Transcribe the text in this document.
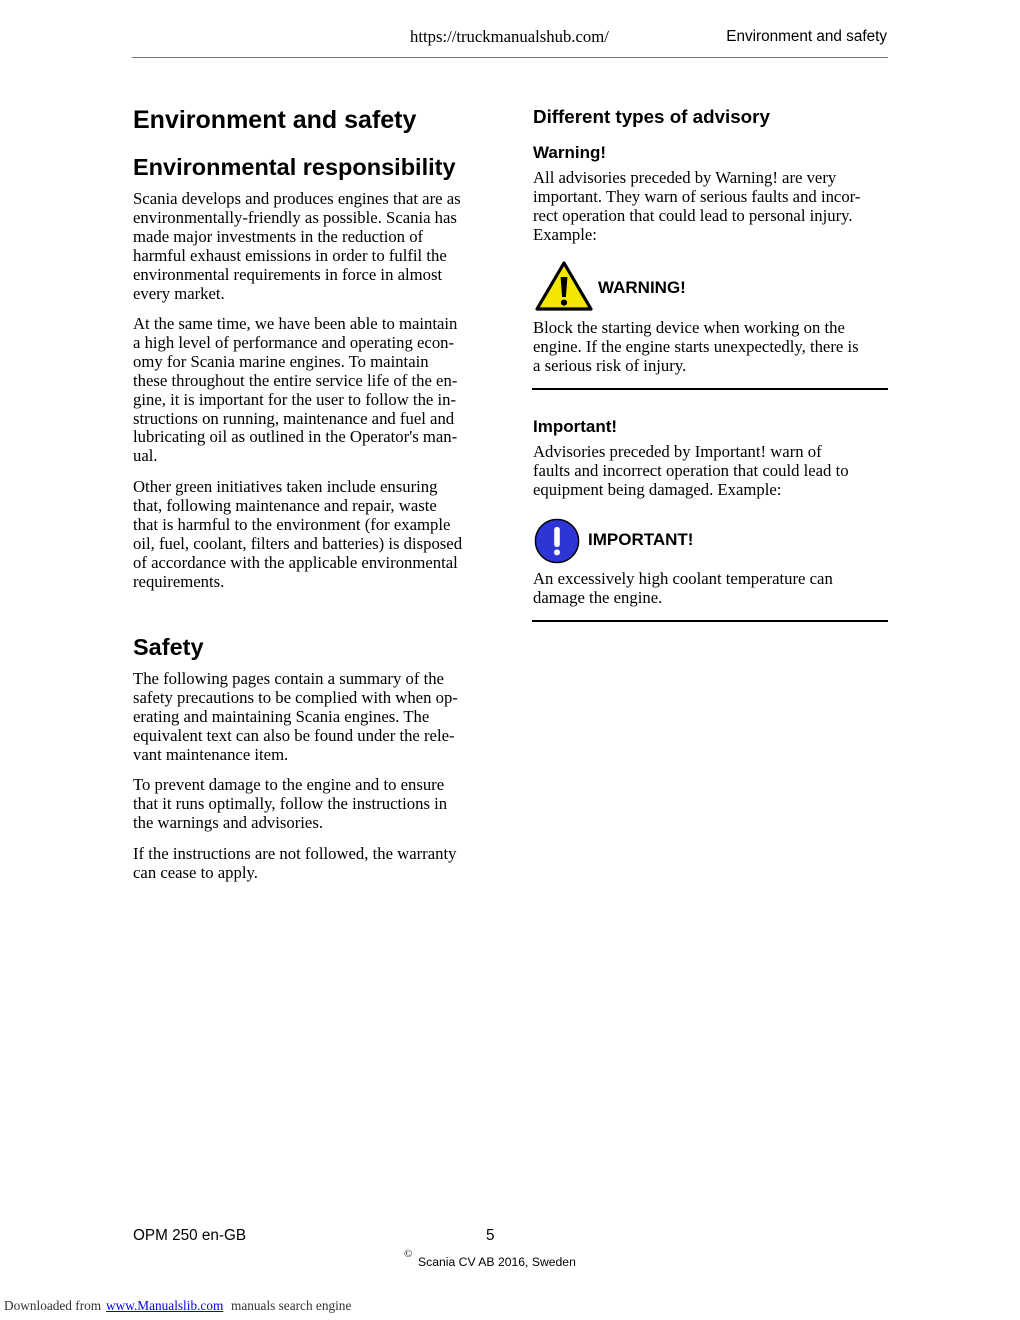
https://truckmanualshub.com/	Environment and safety
Environment and safety
Environmental responsibility

Scania develops and produces engines that are as
environmentally-friendly as possible. Scania has
made major investments in the reduction of
harmful exhaust emissions in order to fulfil the
environmental requirements in force in almost
every market.

At the same time, we have been able to maintain
a high level of performance and operating econ-
omy for Scania marine engines. To maintain
these throughout the entire service life of the en-
gine, it is important for the user to follow the in-
structions on running, maintenance and fuel and
lubricating oil as outlined in the Operator's man-
ual.

Other green initiatives taken include ensuring
that, following maintenance and repair, waste
that is harmful to the environment (for example
oil, fuel, coolant, filters and batteries) is disposed
of accordance with the applicable environmental
requirements.

Safety

The following pages contain a summary of the
safety precautions to be complied with when op-
erating and maintaining Scania engines. The
equivalent text can also be found under the rele-
vant maintenance item.

To prevent damage to the engine and to ensure
that it runs optimally, follow the instructions in
the warnings and advisories.

If the instructions are not followed, the warranty
can cease to apply.

Different types of advisory
Warning!

All advisories preceded by Warning! are very
important. They warn of serious faults and incor-
rect operation that could lead to personal injury.
Example:

WARNING!

Block the starting device when working on the
engine. If the engine starts unexpectedly, there is
a serious risk of injury.

Important!

Advisories preceded by Important! warn of
faults and incorrect operation that could lead to
equipment being damaged. Example:

IMPORTANT!

An excessively high coolant temperature can
damage the engine.

OPM 250 en-GB	5
©
Scania CV AB 2016, Sweden
Downloaded from www.Manualslib.com manuals search engine
